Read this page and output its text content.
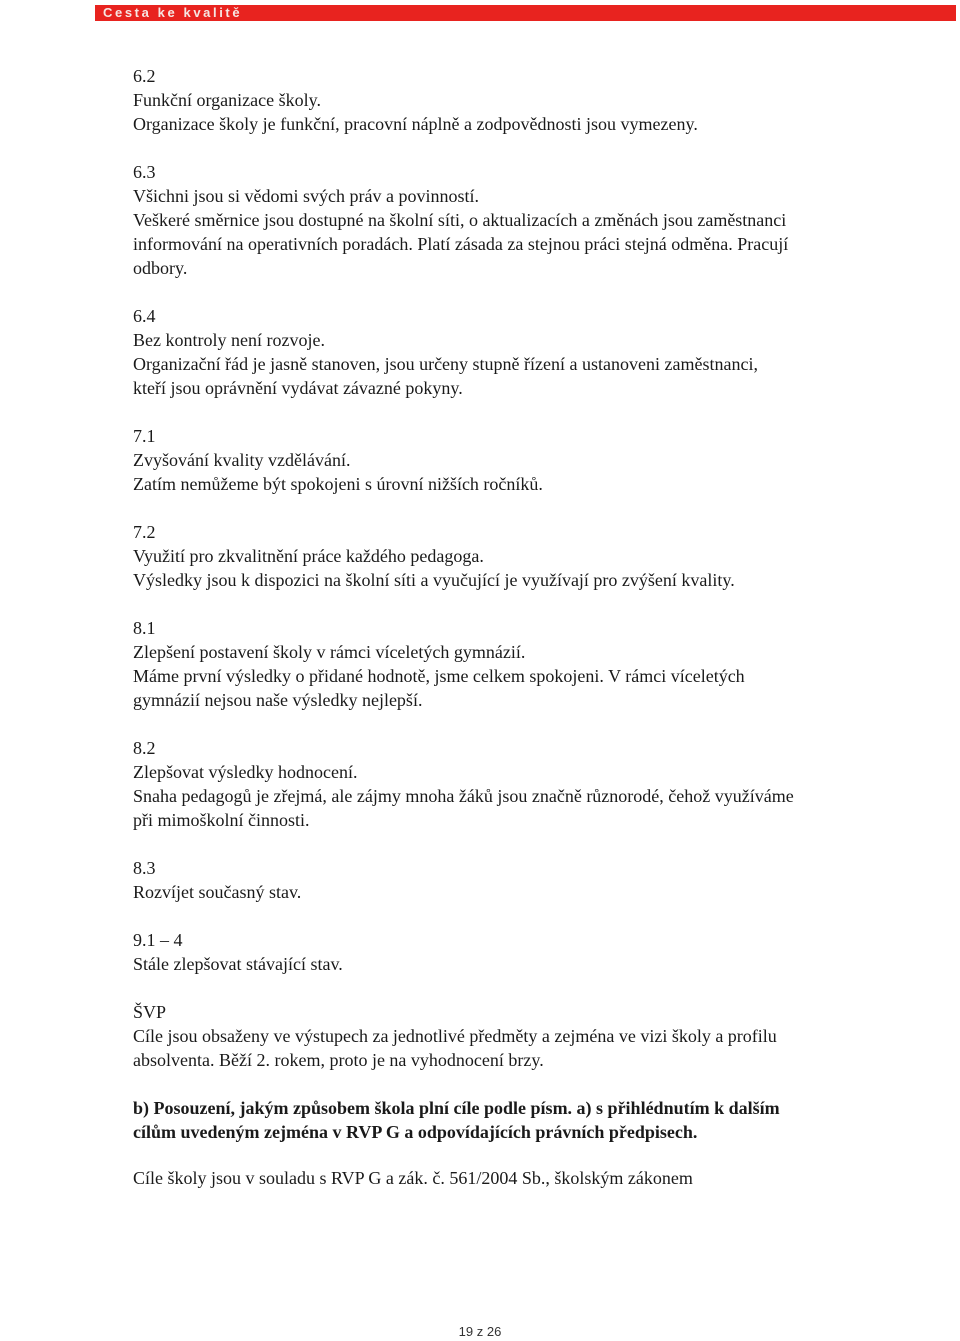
Cesta ke kvalitě

6.2

Funkční organizace školy.

Organizace školy je funkční, pracovní náplně a zodpovědnosti jsou vymezeny.

6.3

Všichni jsou si vědomi svých práv a povinností.

Veškeré směrnice jsou dostupné na školní síti, o aktualizacích a změnách jsou zaměstnanci

informování na operativních poradách. Platí zásada za stejnou práci stejná odměna. Pracují

odbory.

6.4

Bez kontroly není rozvoje.

Organizační řád je jasně stanoven, jsou určeny stupně řízení a ustanoveni zaměstnanci,

kteří jsou oprávnění vydávat závazné pokyny.

7.1

Zvyšování kvality vzdělávání.

Zatím nemůžeme být spokojeni s úrovní nižších ročníků.

7.2

Využití pro zkvalitnění práce každého pedagoga.

Výsledky jsou k dispozici na školní síti a vyučující je využívají pro zvýšení kvality.

8.1

Zlepšení postavení školy v rámci víceletých gymnázií.

Máme první výsledky o přidané hodnotě, jsme celkem spokojeni. V rámci víceletých

gymnázií nejsou naše výsledky nejlepší.

8.2

Zlepšovat výsledky hodnocení.

Snaha pedagogů je zřejmá, ale zájmy mnoha žáků jsou značně různorodé, čehož využíváme

při mimoškolní činnosti.

8.3

Rozvíjet současný stav.

9.1 – 4

Stále zlepšovat stávající stav.

ŠVP

Cíle jsou obsaženy ve výstupech za jednotlivé předměty a zejména ve vizi školy a profilu

absolventa. Běží 2. rokem, proto je na vyhodnocení brzy.

b) Posouzení, jakým způsobem škola plní cíle podle písm. a) s přihlédnutím k dalším

cílům uvedeným zejména v RVP G a odpovídajících právních předpisech.

Cíle školy jsou v souladu s RVP G a zák. č. 561/2004 Sb., školským zákonem

19 z 26
